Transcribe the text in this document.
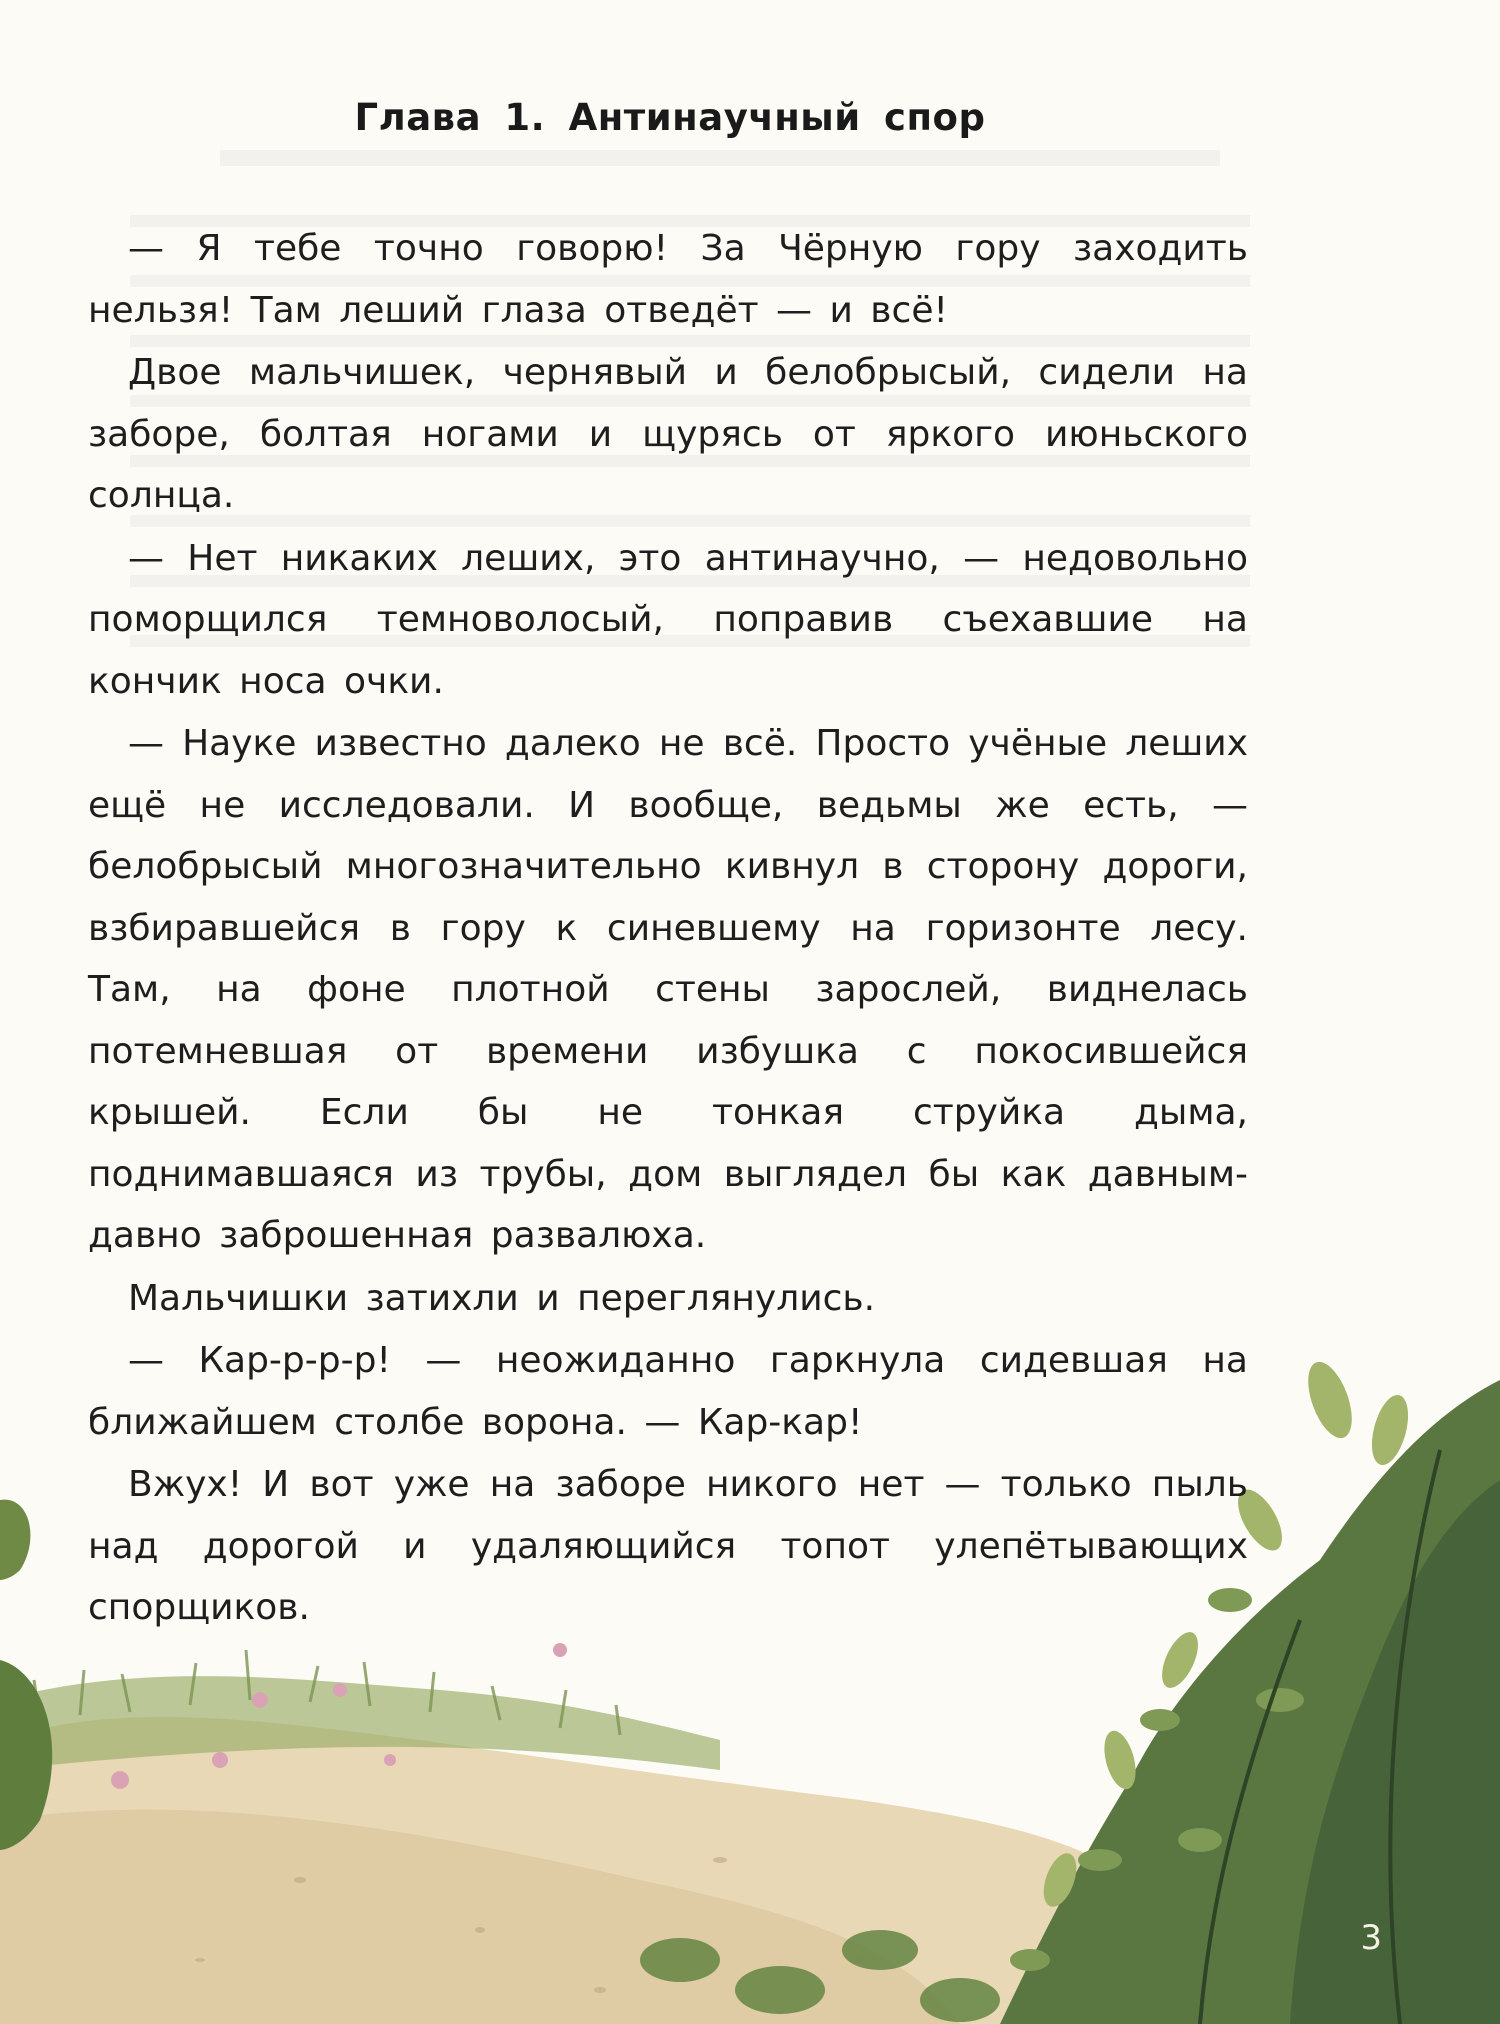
Глава 1. Антинаучный спор

— Я тебе точно говорю! За Чёрную гору заходить нельзя! Там леший глаза отведёт — и всё!

Двое мальчишек, чернявый и белобрысый, сидели на заборе, болтая ногами и щурясь от яркого июньского солнца.

— Нет никаких леших, это антинаучно, — недовольно поморщился темноволосый, поправив съехавшие на кончик носа очки.

— Науке известно далеко не всё. Просто учёные леших ещё не исследовали. И вообще, ведьмы же есть, — белобрысый многозначительно кивнул в сторону дороги, взбиравшейся в гору к синевшему на горизонте лесу. Там, на фоне плотной стены зарослей, виднелась потемневшая от времени избушка с покосившейся крышей. Если бы не тонкая струйка дыма, поднимавшаяся из трубы, дом выглядел бы как давным-давно заброшенная развалюха.

Мальчишки затихли и переглянулись.

— Кар-р-р-р! — неожиданно гаркнула сидевшая на ближайшем столбе ворона. — Кар-кар!

Вжух! И вот уже на заборе никого нет — только пыль над дорогой и удаляющийся топот улепётывающих спорщиков.

3
